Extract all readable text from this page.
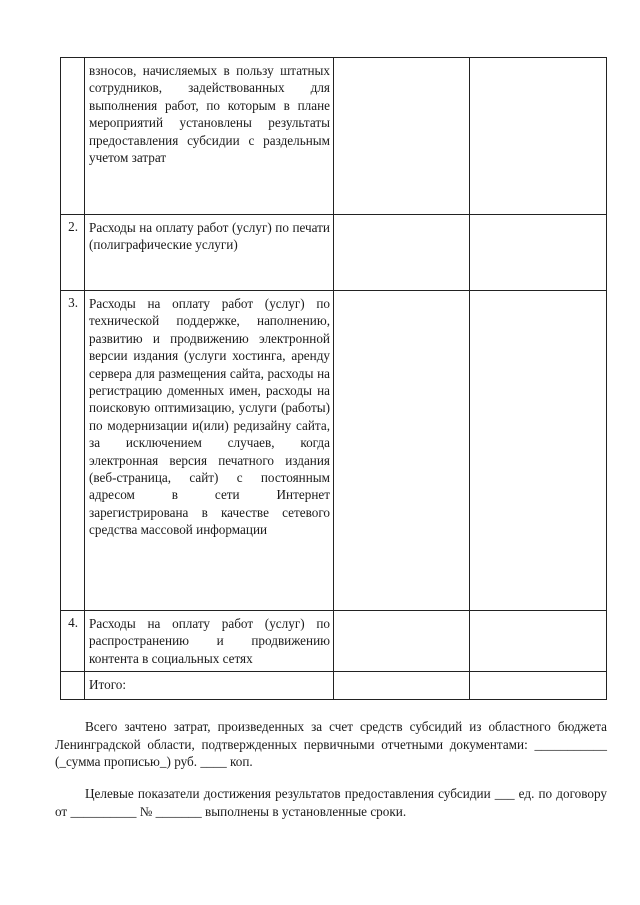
	взносов, начисляемых в пользу штатных сотрудников, задействованных для выполнения работ, по которым в плане мероприятий установлены результаты предоставления субсидии с раздельным учетом затрат		

2.	Расходы на оплату работ (услуг) по печати (полиграфические услуги)		

3.	Расходы на оплату работ (услуг) по технической поддержке, наполнению, развитию и продвижению электронной версии издания (услуги хостинга, аренду сервера для размещения сайта, расходы на регистрацию доменных имен, расходы на поисковую оптимизацию, услуги (работы) по модернизации и(или) редизайну сайта, за исключением случаев, когда электронная версия печатного издания (веб-страница, сайт) с постоянным адресом в сети Интернет зарегистрирована в качестве сетевого средства массовой информации		

4.	Расходы на оплату работ (услуг) по распространению и продвижению контента в социальных сетях		

	Итого:		

Всего зачтено затрат, произведенных за счет средств субсидий из областного бюджета Ленинградской области, подтвержденных первичными отчетными документами: ___________ (_сумма прописью_) руб. ____ коп.
Целевые показатели достижения результатов предоставления субсидии ___ ед. по договору от __________ № _______ выполнены в установленные сроки.
